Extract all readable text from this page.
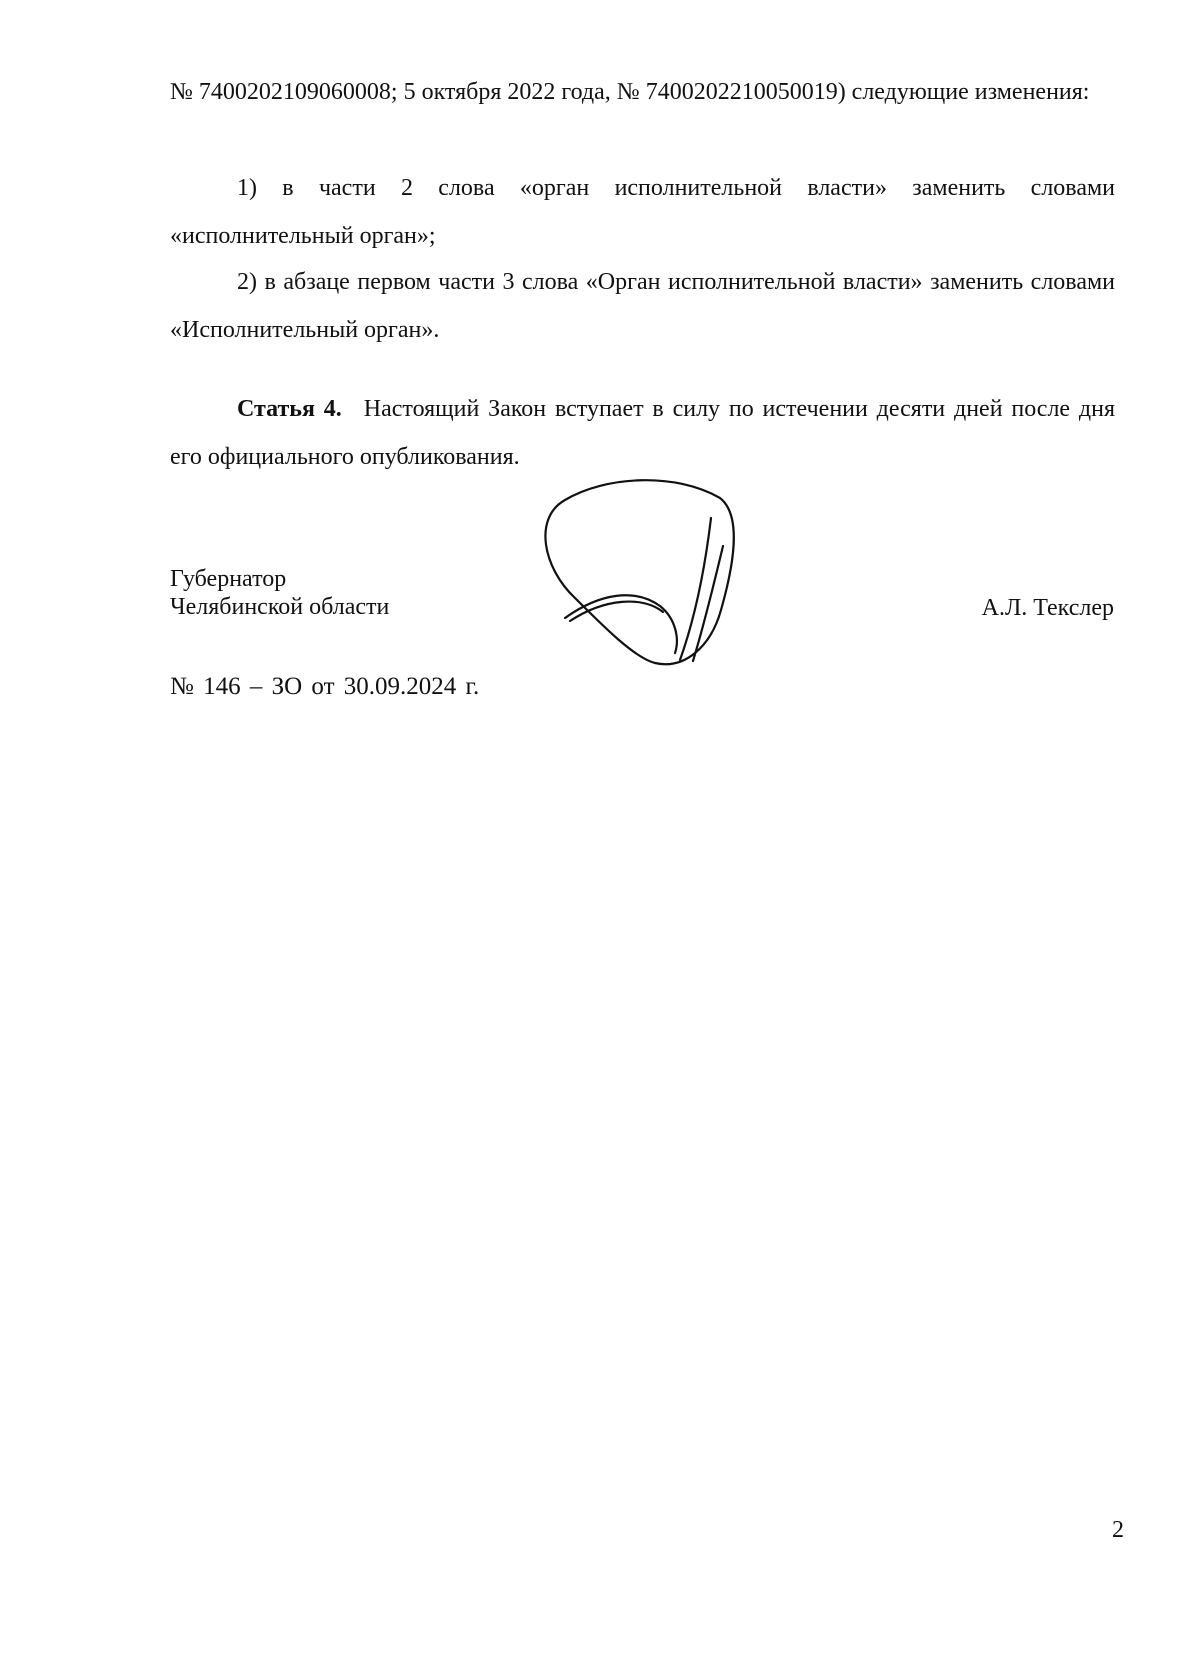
№ 7400202109060008; 5 октября 2022 года, № 7400202210050019) следующие изменения:

1) в части 2 слова «орган исполнительной власти» заменить словами «исполнительный орган»;

2) в абзаце первом части 3 слова «Орган исполнительной власти» заменить словами «Исполнительный орган».

Статья 4. Настоящий Закон вступает в силу по истечении десяти дней после дня его официального опубликования.

Губернатор
Челябинской области	А.Л. Текслер
№ 146 – ЗО от 30.09.2024 г.
2
